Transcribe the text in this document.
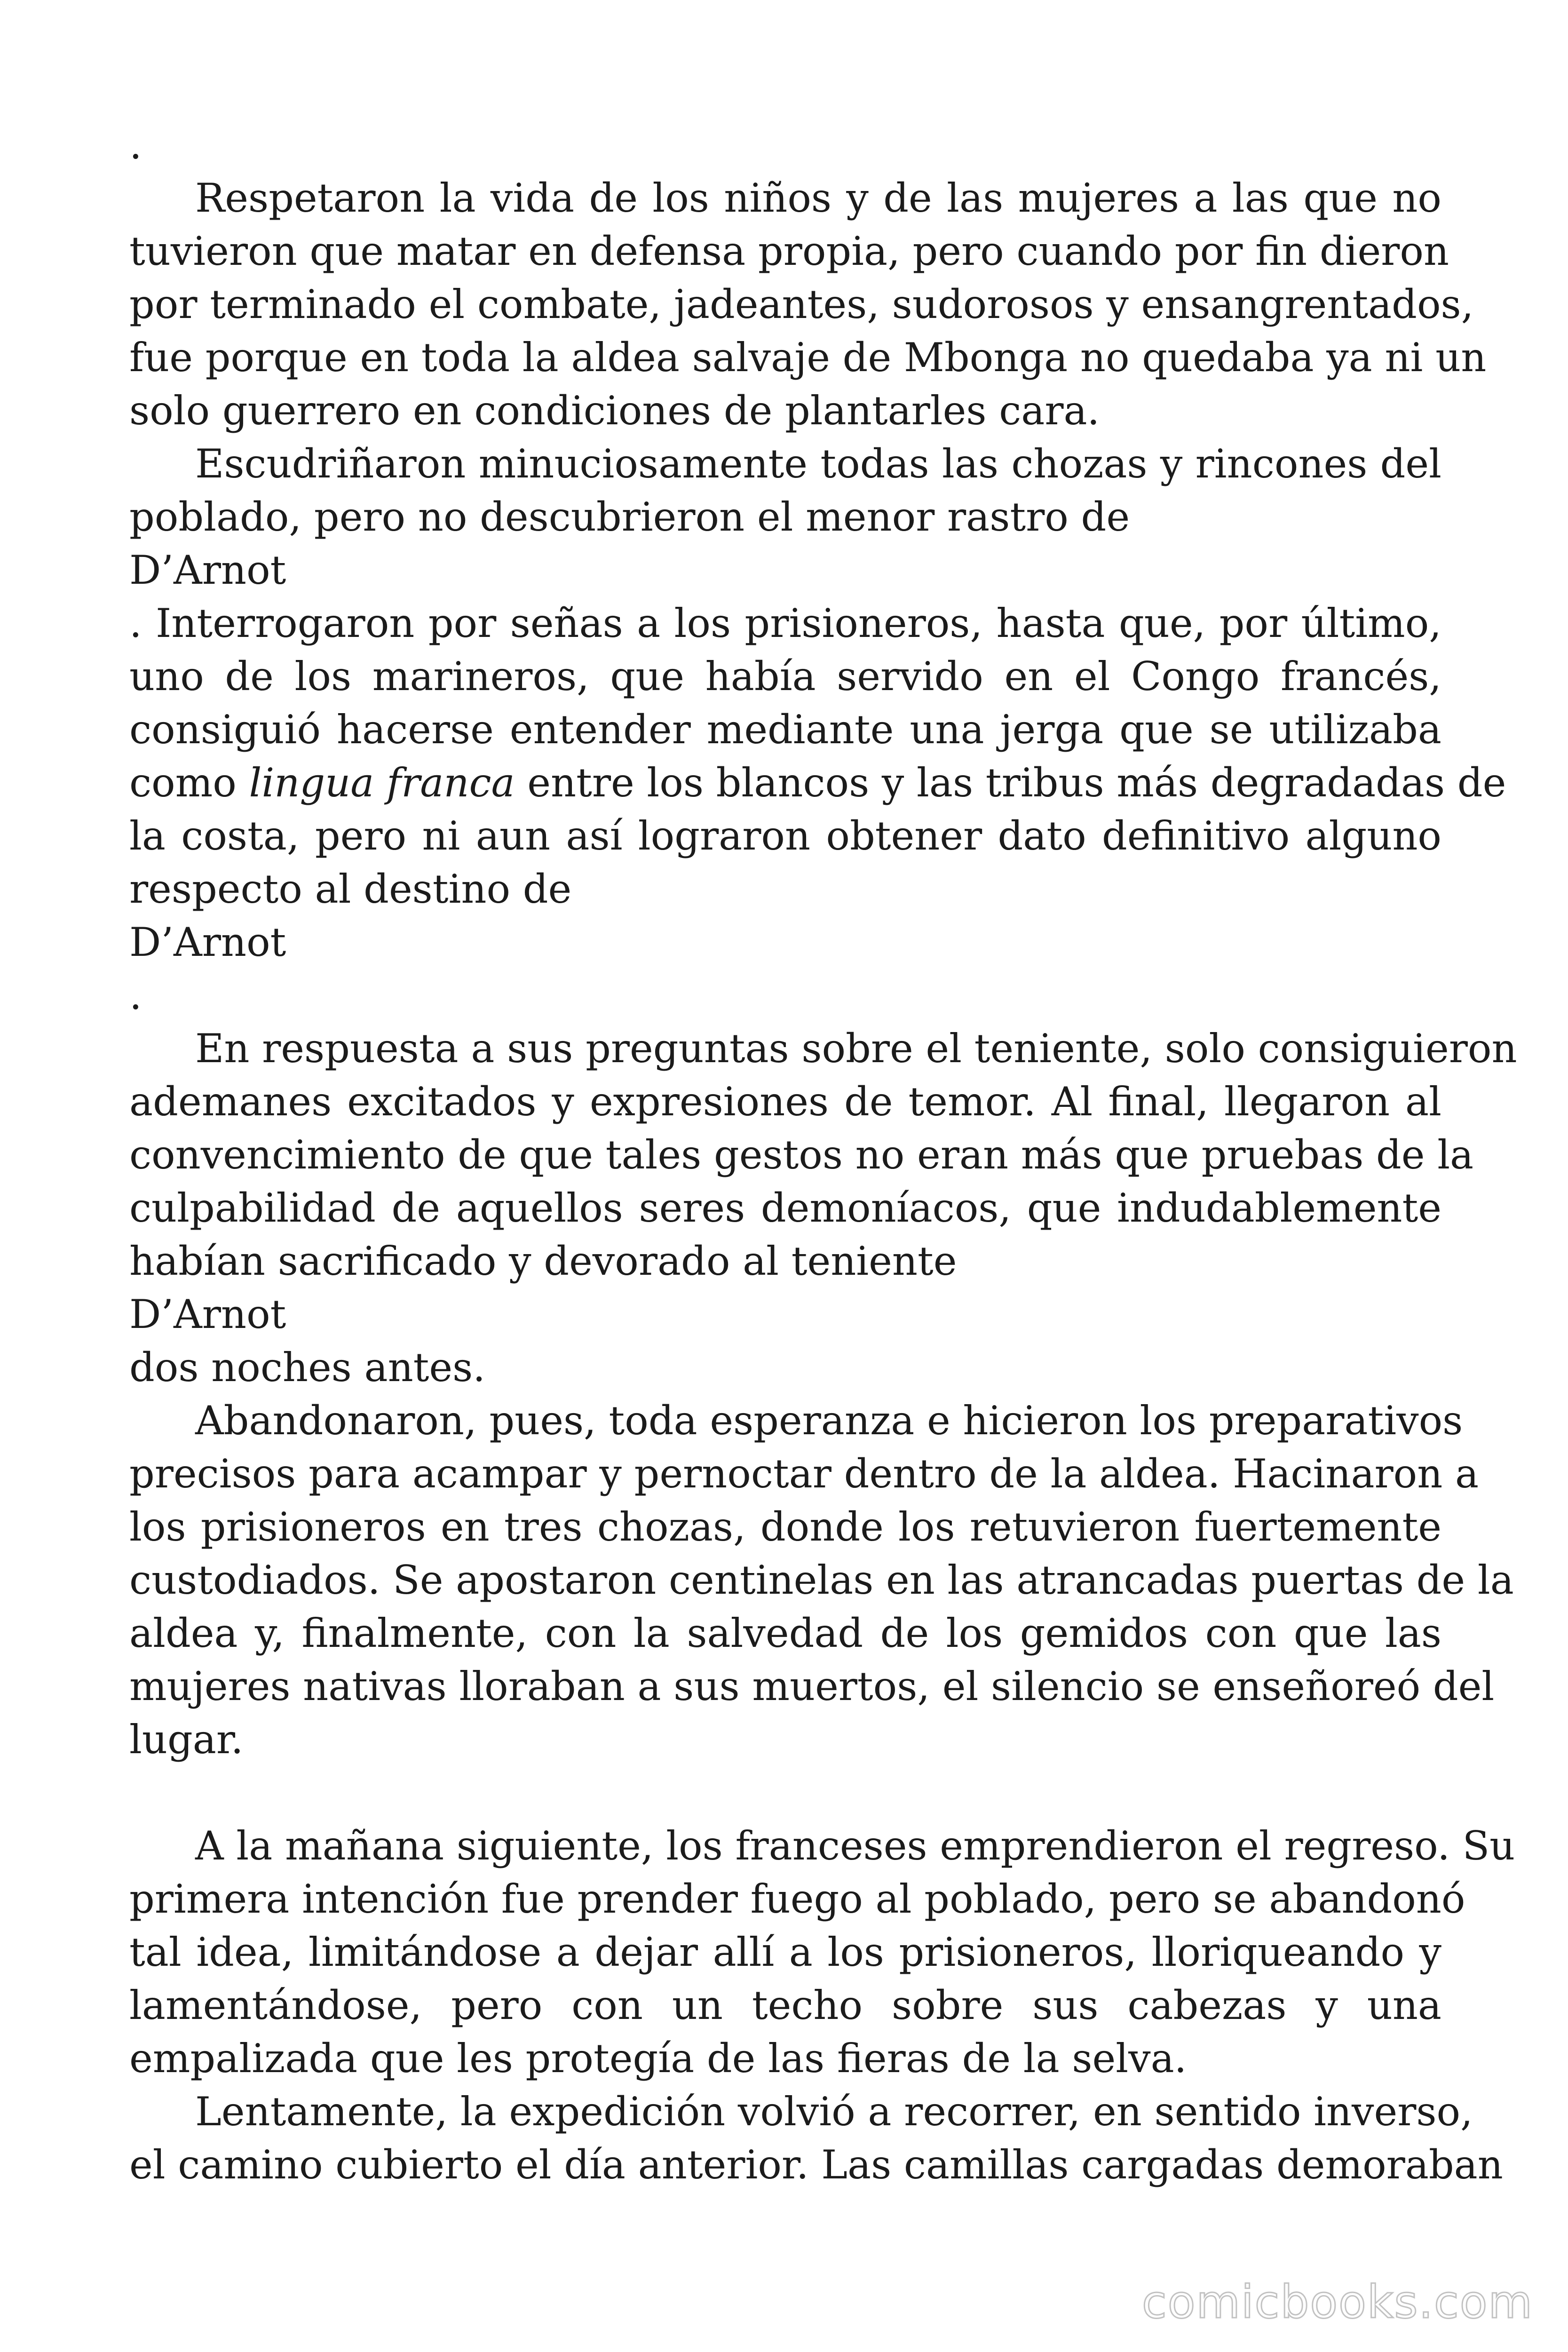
.
Respetaron la vida de los niños y de las mujeres a las que no
tuvieron que matar en defensa propia, pero cuando por fin dieron
por terminado el combate, jadeantes, sudorosos y ensangrentados,
fue porque en toda la aldea salvaje de Mbonga no quedaba ya ni un
solo guerrero en condiciones de plantarles cara.
Escudriñaron minuciosamente todas las chozas y rincones del
poblado, pero no descubrieron el menor rastro de
D’Arnot
. Interrogaron por señas a los prisioneros, hasta que, por último,
uno de los marineros, que había servido en el Congo francés,
consiguió hacerse entender mediante una jerga que se utilizaba
como lingua franca entre los blancos y las tribus más degradadas de
la costa, pero ni aun así lograron obtener dato definitivo alguno
respecto al destino de
D’Arnot
.
En respuesta a sus preguntas sobre el teniente, solo consiguieron
ademanes excitados y expresiones de temor. Al final, llegaron al
convencimiento de que tales gestos no eran más que pruebas de la
culpabilidad de aquellos seres demoníacos, que indudablemente
habían sacrificado y devorado al teniente
D’Arnot
dos noches antes.
Abandonaron, pues, toda esperanza e hicieron los preparativos
precisos para acampar y pernoctar dentro de la aldea. Hacinaron a
los prisioneros en tres chozas, donde los retuvieron fuertemente
custodiados. Se apostaron centinelas en las atrancadas puertas de la
aldea y, finalmente, con la salvedad de los gemidos con que las
mujeres nativas lloraban a sus muertos, el silencio se enseñoreó del
lugar.
A la mañana siguiente, los franceses emprendieron el regreso. Su
primera intención fue prender fuego al poblado, pero se abandonó
tal idea, limitándose a dejar allí a los prisioneros, lloriqueando y
lamentándose, pero con un techo sobre sus cabezas y una
empalizada que les protegía de las fieras de la selva.
Lentamente, la expedición volvió a recorrer, en sentido inverso,
el camino cubierto el día anterior. Las camillas cargadas demoraban
comicbooks.com
